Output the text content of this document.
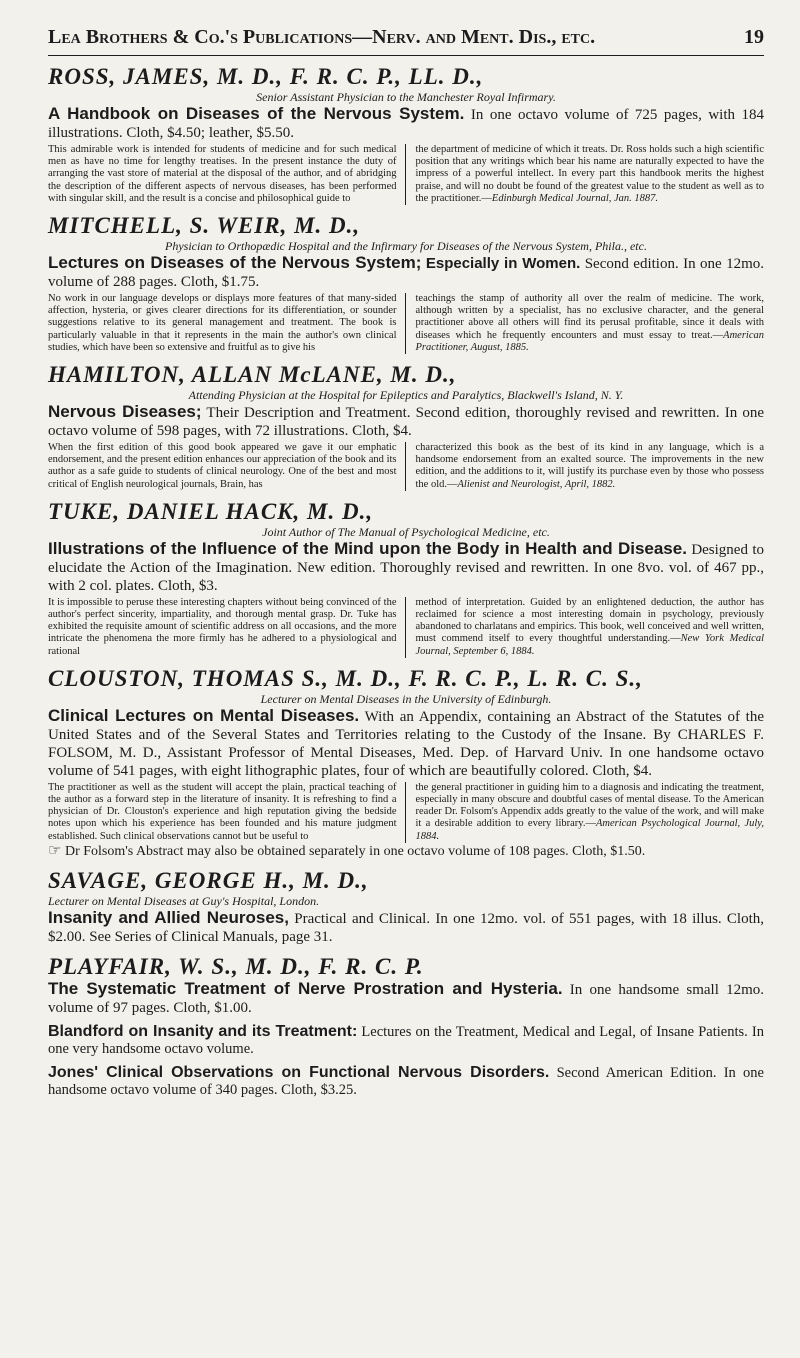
Lea Brothers & Co.'s Publications—Nerv. and Ment. Dis., etc.	19
ROSS, JAMES, M. D., F. R. C. P., LL. D.,
Senior Assistant Physician to the Manchester Royal Infirmary.
A Handbook on Diseases of the Nervous System. In one octavo volume of 725 pages, with 184 illustrations. Cloth, $4.50; leather, $5.50.
This admirable work is intended for students of medicine and for such medical men as have no time for lengthy treatises. In the present instance the duty of arranging the vast store of material at the disposal of the author, and of abridging the description of the different aspects of nervous diseases, has been performed with singular skill, and the result is a concise and philosophical guide to
the department of medicine of which it treats. Dr. Ross holds such a high scientific position that any writings which bear his name are naturally expected to have the impress of a powerful intellect. In every part this handbook merits the highest praise, and will no doubt be found of the greatest value to the student as well as to the practitioner.—Edinburgh Medical Journal, Jan. 1887.
MITCHELL, S. WEIR, M. D.,
Physician to Orthopædic Hospital and the Infirmary for Diseases of the Nervous System, Phila., etc.
Lectures on Diseases of the Nervous System; Especially in Women. Second edition. In one 12mo. volume of 288 pages. Cloth, $1.75.
No work in our language develops or displays more features of that many-sided affection, hysteria, or gives clearer directions for its differentiation, or sounder suggestions relative to its general management and treatment. The book is particularly valuable in that it represents in the main the author's own clinical studies, which have been so extensive and fruitful as to give his
teachings the stamp of authority all over the realm of medicine. The work, although written by a specialist, has no exclusive character, and the general practitioner above all others will find its perusal profitable, since it deals with diseases which he frequently encounters and must essay to treat.—American Practitioner, August, 1885.
HAMILTON, ALLAN McLANE, M. D.,
Attending Physician at the Hospital for Epileptics and Paralytics, Blackwell's Island, N. Y.
Nervous Diseases; Their Description and Treatment. Second edition, thoroughly revised and rewritten. In one octavo volume of 598 pages, with 72 illustrations. Cloth, $4.
When the first edition of this good book appeared we gave it our emphatic endorsement, and the present edition enhances our appreciation of the book and its author as a safe guide to students of clinical neurology. One of the best and most critical of English neurological journals, Brain, has
characterized this book as the best of its kind in any language, which is a handsome endorsement from an exalted source. The improvements in the new edition, and the additions to it, will justify its purchase even by those who possess the old.—Alienist and Neurologist, April, 1882.
TUKE, DANIEL HACK, M. D.,
Joint Author of The Manual of Psychological Medicine, etc.
Illustrations of the Influence of the Mind upon the Body in Health and Disease. Designed to elucidate the Action of the Imagination. New edition. Thoroughly revised and rewritten. In one 8vo. vol. of 467 pp., with 2 col. plates. Cloth, $3.
It is impossible to peruse these interesting chapters without being convinced of the author's perfect sincerity, impartiality, and thorough mental grasp. Dr. Tuke has exhibited the requisite amount of scientific address on all occasions, and the more intricate the phenomena the more firmly has he adhered to a physiological and rational
method of interpretation. Guided by an enlightened deduction, the author has reclaimed for science a most interesting domain in psychology, previously abandoned to charlatans and empirics. This book, well conceived and well written, must commend itself to every thoughtful understanding.—New York Medical Journal, September 6, 1884.
CLOUSTON, THOMAS S., M. D., F. R. C. P., L. R. C. S.,
Lecturer on Mental Diseases in the University of Edinburgh.
Clinical Lectures on Mental Diseases. With an Appendix, containing an Abstract of the Statutes of the United States and of the Several States and Territories relating to the Custody of the Insane. By CHARLES F. FOLSOM, M. D., Assistant Professor of Mental Diseases, Med. Dep. of Harvard Univ. In one handsome octavo volume of 541 pages, with eight lithographic plates, four of which are beautifully colored. Cloth, $4.
The practitioner as well as the student will accept the plain, practical teaching of the author as a forward step in the literature of insanity. It is refreshing to find a physician of Dr. Clouston's experience and high reputation giving the bedside notes upon which his experience has been founded and his mature judgment established. Such clinical observations cannot but be useful to
the general practitioner in guiding him to a diagnosis and indicating the treatment, especially in many obscure and doubtful cases of mental disease. To the American reader Dr. Folsom's Appendix adds greatly to the value of the work, and will make it a desirable addition to every library.—American Psychological Journal, July, 1884.
☞ Dr Folsom's Abstract may also be obtained separately in one octavo volume of 108 pages. Cloth, $1.50.
SAVAGE, GEORGE H., M. D.,
Lecturer on Mental Diseases at Guy's Hospital, London.
Insanity and Allied Neuroses, Practical and Clinical. In one 12mo. vol. of 551 pages, with 18 illus. Cloth, $2.00. See Series of Clinical Manuals, page 31.
PLAYFAIR, W. S., M. D., F. R. C. P.
The Systematic Treatment of Nerve Prostration and Hysteria. In one handsome small 12mo. volume of 97 pages. Cloth, $1.00.
Blandford on Insanity and its Treatment: Lectures on the Treatment, Medical and Legal, of Insane Patients. In one very handsome octavo volume.
Jones' Clinical Observations on Functional Nervous Disorders. Second American Edition. In one handsome octavo volume of 340 pages. Cloth, $3.25.
